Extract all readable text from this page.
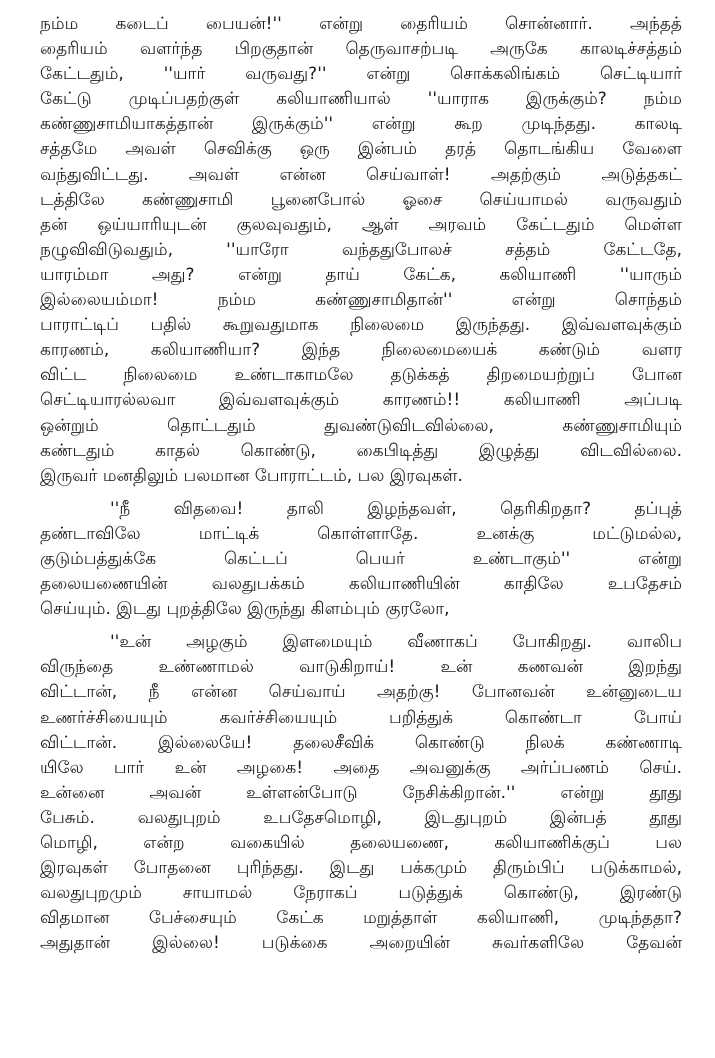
நம்ம கடைப் பையன்!'' என்று தைரியம் சொன்னார். அந்தத்
தைரியம் வளர்ந்த பிறகுதான் தெருவாசற்படி அருகே காலடிச்சத்தம்
கேட்டதும், ''யார் வருவது?'' என்று சொக்கலிங்கம் செட்டியார்
கேட்டு முடிப்பதற்குள் கலியாணியால் ''யாராக இருக்கும்? நம்ம
கண்ணுசாமியாகத்தான் இருக்கும்'' என்று கூற முடிந்தது. காலடி
சத்தமே அவள் செவிக்கு ஒரு இன்பம் தரத் தொடங்கிய வேளை
வந்துவிட்டது. அவள் என்ன செய்வாள்! அதற்கும் அடுத்தகட்
டத்திலே கண்ணுசாமி பூனைபோல் ஓசை செய்யாமல் வருவதும்
தன் ஒய்யாரியுடன் குலவுவதும், ஆள் அரவம் கேட்டதும் மெள்ள
நழுவிவிடுவதும், ''யாரோ வந்ததுபோலச் சத்தம் கேட்டதே,
யாரம்மா அது? என்று தாய் கேட்க, கலியாணி ''யாரும்
இல்லையம்மா! நம்ம கண்ணுசாமிதான்'' என்று சொந்தம்
பாராட்டிப் பதில் கூறுவதுமாக நிலைமை இருந்தது. இவ்வளவுக்கும்
காரணம், கலியாணியா? இந்த நிலைமையைக் கண்டும் வளர
விட்ட நிலைமை உண்டாகாமலே தடுக்கத் திறமையற்றுப் போன
செட்டியாரல்லவா இவ்வளவுக்கும் காரணம்!! கலியாணி அப்படி
ஒன்றும் தொட்டதும் துவண்டுவிடவில்லை, கண்ணுசாமியும்
கண்டதும் காதல் கொண்டு, கைபிடித்து இழுத்து விடவில்லை.
இருவர் மனதிலும் பலமான போராட்டம், பல இரவுகள்.
''நீ விதவை! தாலி இழந்தவள், தெரிகிறதா? தப்புத்
தண்டாவிலே மாட்டிக் கொள்ளாதே. உனக்கு மட்டுமல்ல,
குடும்பத்துக்கே கெட்டப் பெயர் உண்டாகும்'' என்று
தலையணையின் வலதுபக்கம் கலியாணியின் காதிலே உபதேசம்
செய்யும். இடது புறத்திலே இருந்து கிளம்பும் குரலோ,
''உன் அழகும் இளமையும் வீணாகப் போகிறது. வாலிப
விருந்தை உண்ணாமல் வாடுகிறாய்! உன் கணவன் இறந்து
விட்டான், நீ என்ன செய்வாய் அதற்கு! போனவன் உன்னுடைய
உணர்ச்சியையும் கவர்ச்சியையும் பறித்துக் கொண்டா போய்
விட்டான். இல்லையே! தலைசீவிக் கொண்டு நிலக் கண்ணாடி
யிலே பார் உன் அழகை! அதை அவனுக்கு அர்ப்பணம் செய்.
உன்னை அவன் உள்ளன்போடு நேசிக்கிறான்.'' என்று தூது
பேசும். வலதுபுறம் உபதேசமொழி, இடதுபுறம் இன்பத் தூது
மொழி, என்ற வகையில் தலையணை, கலியாணிக்குப் பல
இரவுகள் போதனை புரிந்தது. இடது பக்கமும் திரும்பிப் படுக்காமல்,
வலதுபுறமும் சாயாமல் நேராகப் படுத்துக் கொண்டு, இரண்டு
விதமான பேச்சையும் கேட்க மறுத்தாள் கலியாணி, முடிந்ததா?
அதுதான் இல்லை! படுக்கை அறையின் சுவர்களிலே தேவன்
